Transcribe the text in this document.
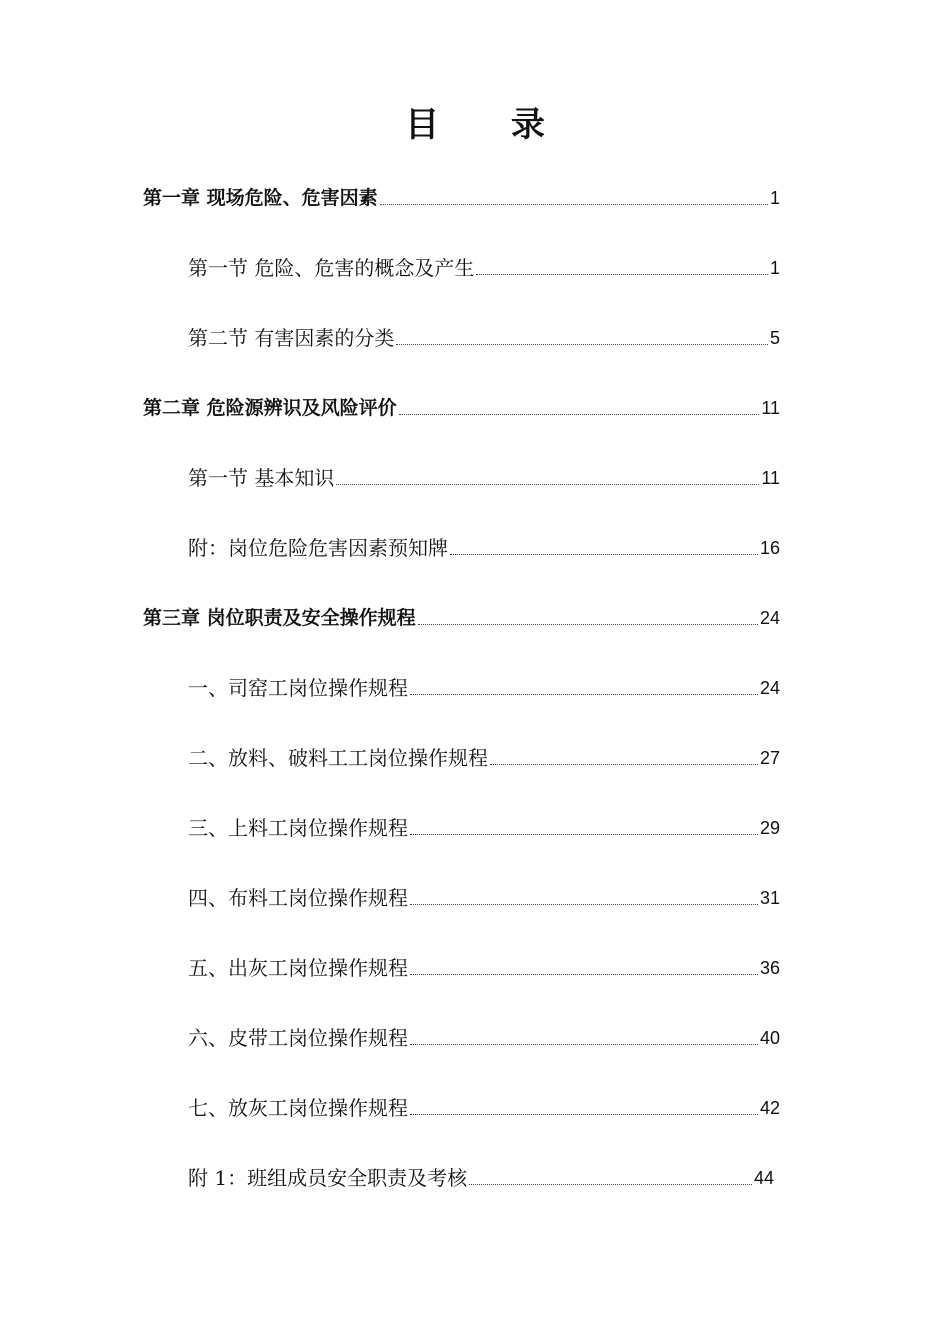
目 录
第一章 现场危险、危害因素	1
第一节 危险、危害的概念及产生	1
第二节 有害因素的分类	5
第二章 危险源辨识及风险评价	11
第一节 基本知识	11
附：岗位危险危害因素预知牌	16
第三章 岗位职责及安全操作规程	24
一、司窑工岗位操作规程	24
二、放料、破料工工岗位操作规程	27
三、上料工岗位操作规程	29
四、布料工岗位操作规程	31
五、出灰工岗位操作规程	36
六、皮带工岗位操作规程	40
七、放灰工岗位操作规程	42
附 1：班组成员安全职责及考核	44
